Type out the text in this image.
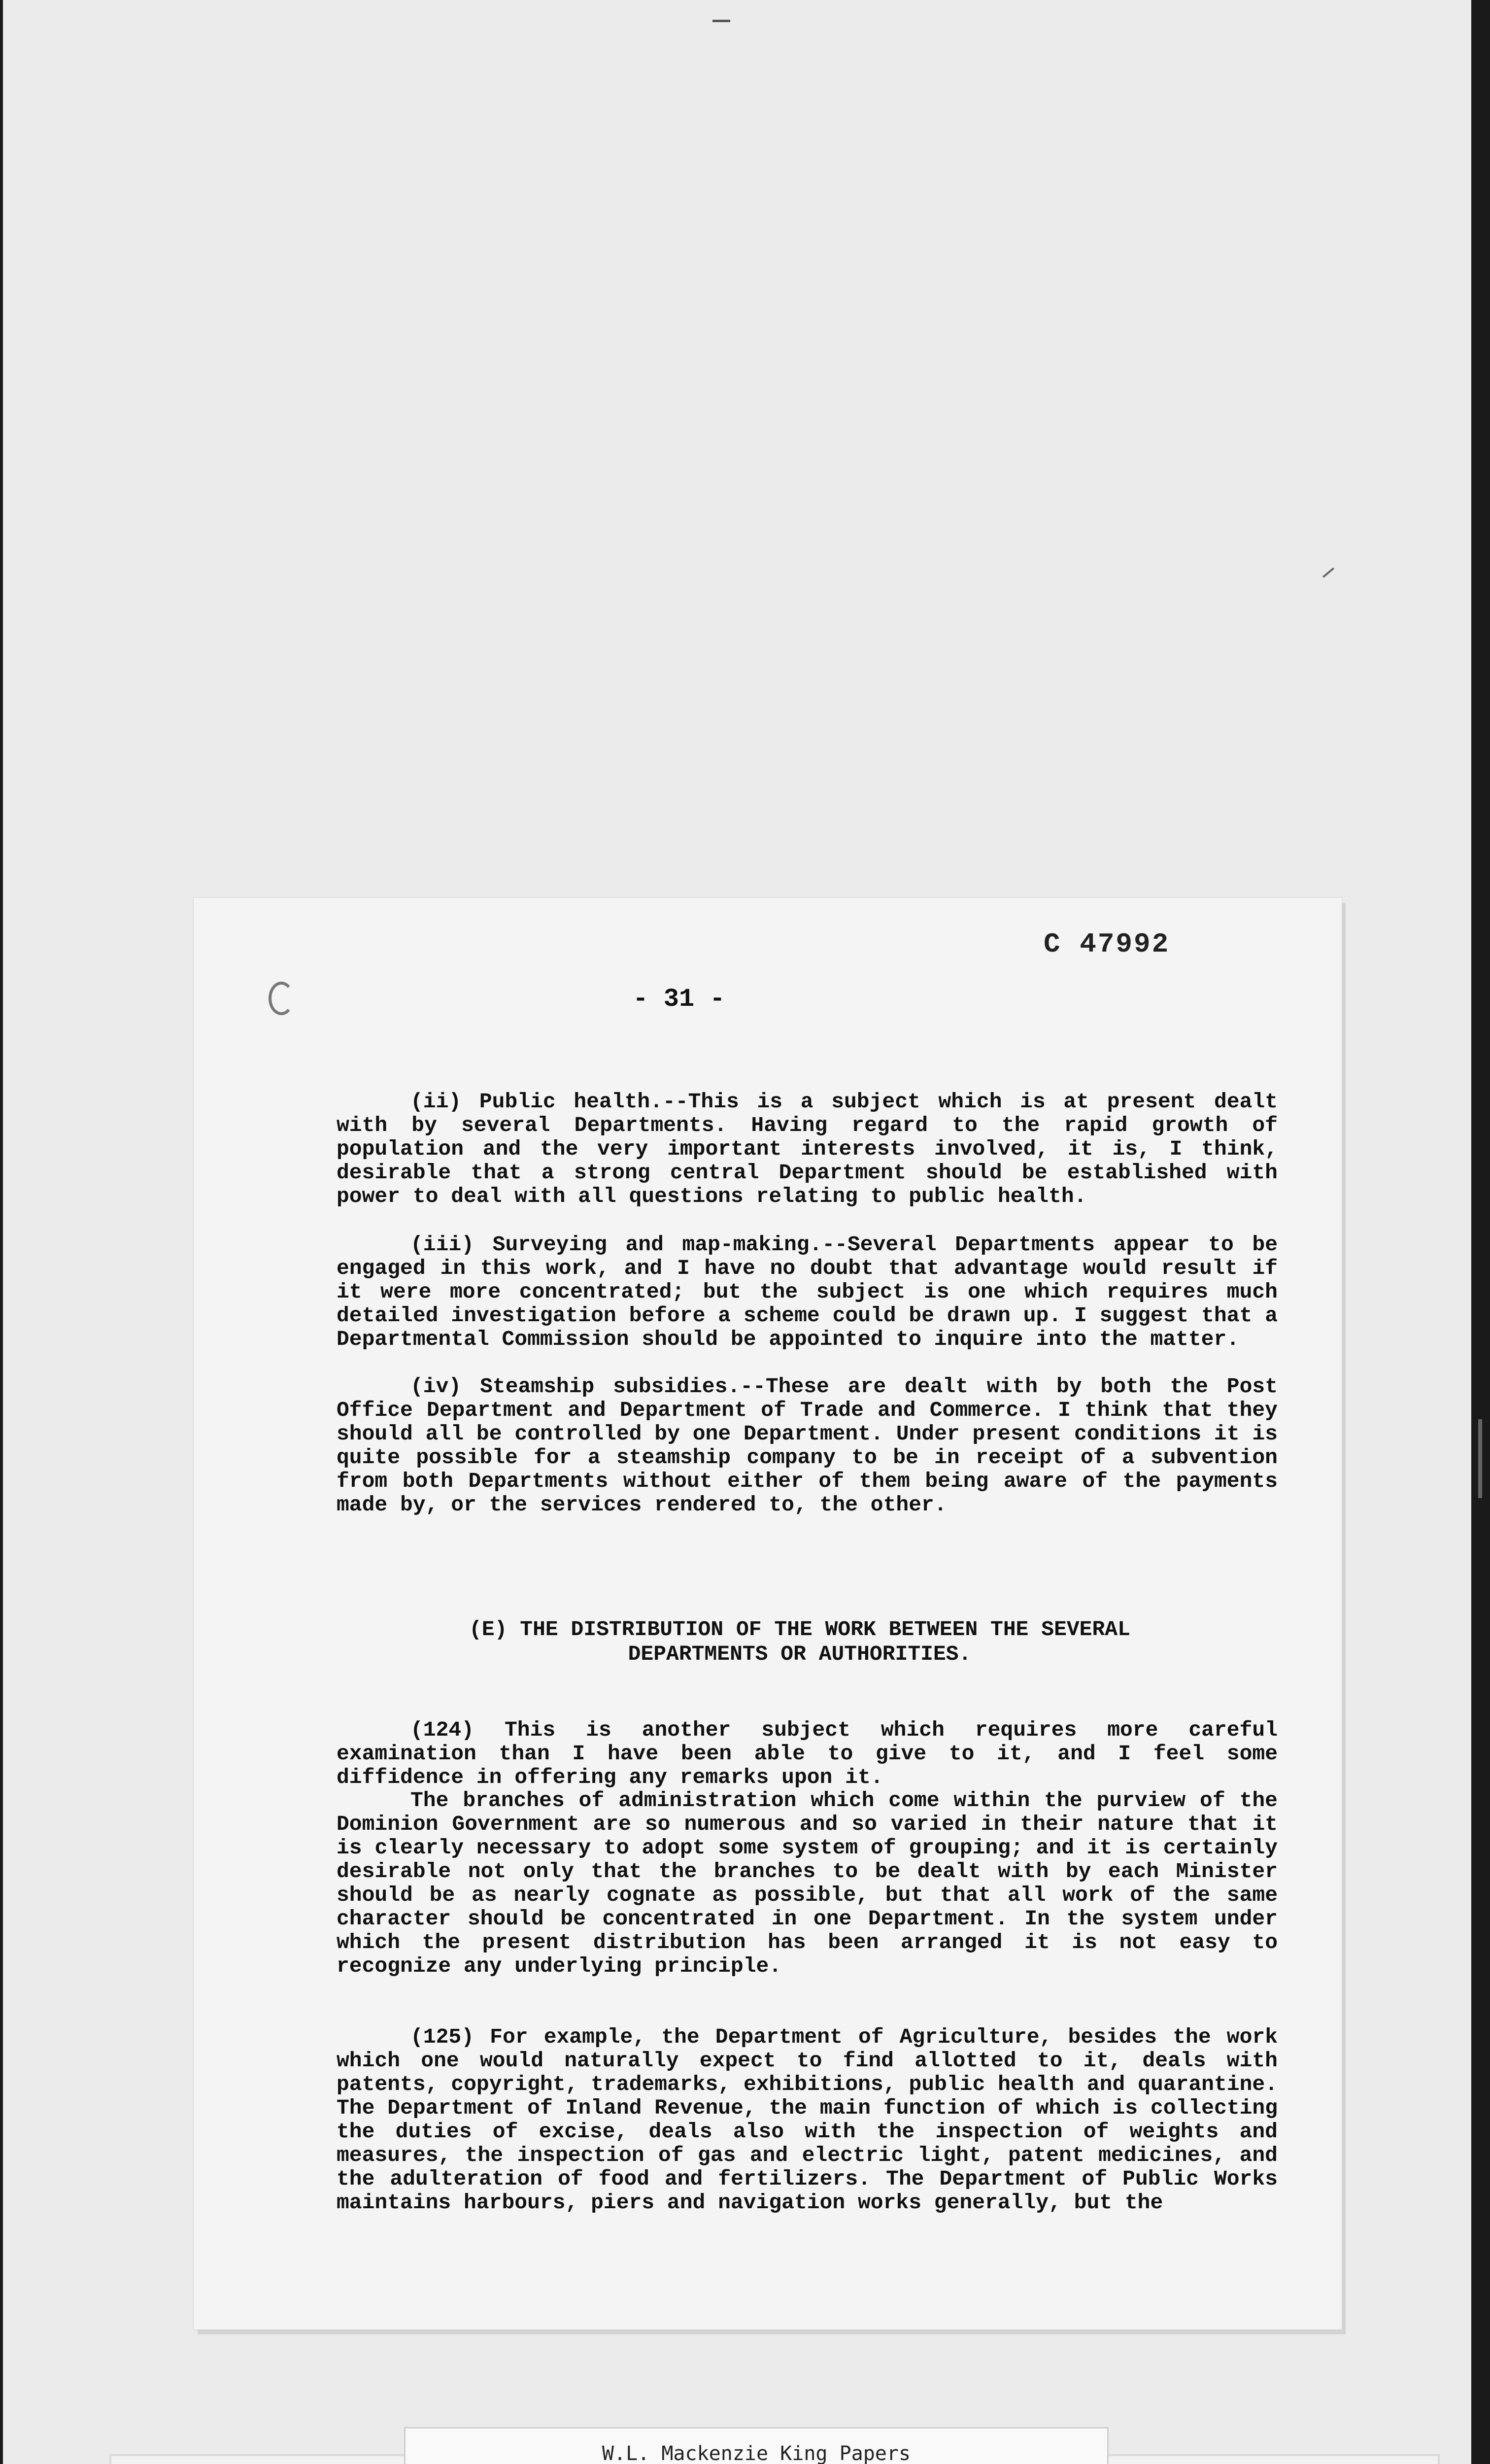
C 47992
- 31 -

(ii) Public health.--This is a subject which is at present dealt with by several Departments. Having regard to the rapid growth of population and the very important interests involved, it is, I think, desirable that a strong central Department should be established with power to deal with all questions relating to public health.

(iii) Surveying and map-making.--Several Departments appear to be engaged in this work, and I have no doubt that advantage would result if it were more concentrated; but the subject is one which requires much detailed investigation before a scheme could be drawn up. I suggest that a Departmental Commission should be appointed to inquire into the matter.

(iv) Steamship subsidies.--These are dealt with by both the Post Office Department and Department of Trade and Commerce. I think that they should all be controlled by one Department. Under present conditions it is quite possible for a steamship company to be in receipt of a subvention from both Departments without either of them being aware of the payments made by, or the services rendered to, the other.

(E) THE DISTRIBUTION OF THE WORK BETWEEN THE SEVERAL DEPARTMENTS OR AUTHORITIES.

(124) This is another subject which requires more careful examination than I have been able to give to it, and I feel some diffidence in offering any remarks upon it.

The branches of administration which come within the purview of the Dominion Government are so numerous and so varied in their nature that it is clearly necessary to adopt some system of grouping; and it is certainly desirable not only that the branches to be dealt with by each Minister should be as nearly cognate as possible, but that all work of the same character should be concentrated in one Department. In the system under which the present distribution has been arranged it is not easy to recognize any underlying principle.

(125) For example, the Department of Agriculture, besides the work which one would naturally expect to find allotted to it, deals with patents, copyright, trademarks, exhibitions, public health and quarantine. The Department of Inland Revenue, the main function of which is collecting the duties of excise, deals also with the inspection of weights and measures, the inspection of gas and electric light, patent medicines, and the adulteration of food and fertilizers. The Department of Public Works maintains harbours, piers and navigation works generally, but the

W.L. Mackenzie King Papers
